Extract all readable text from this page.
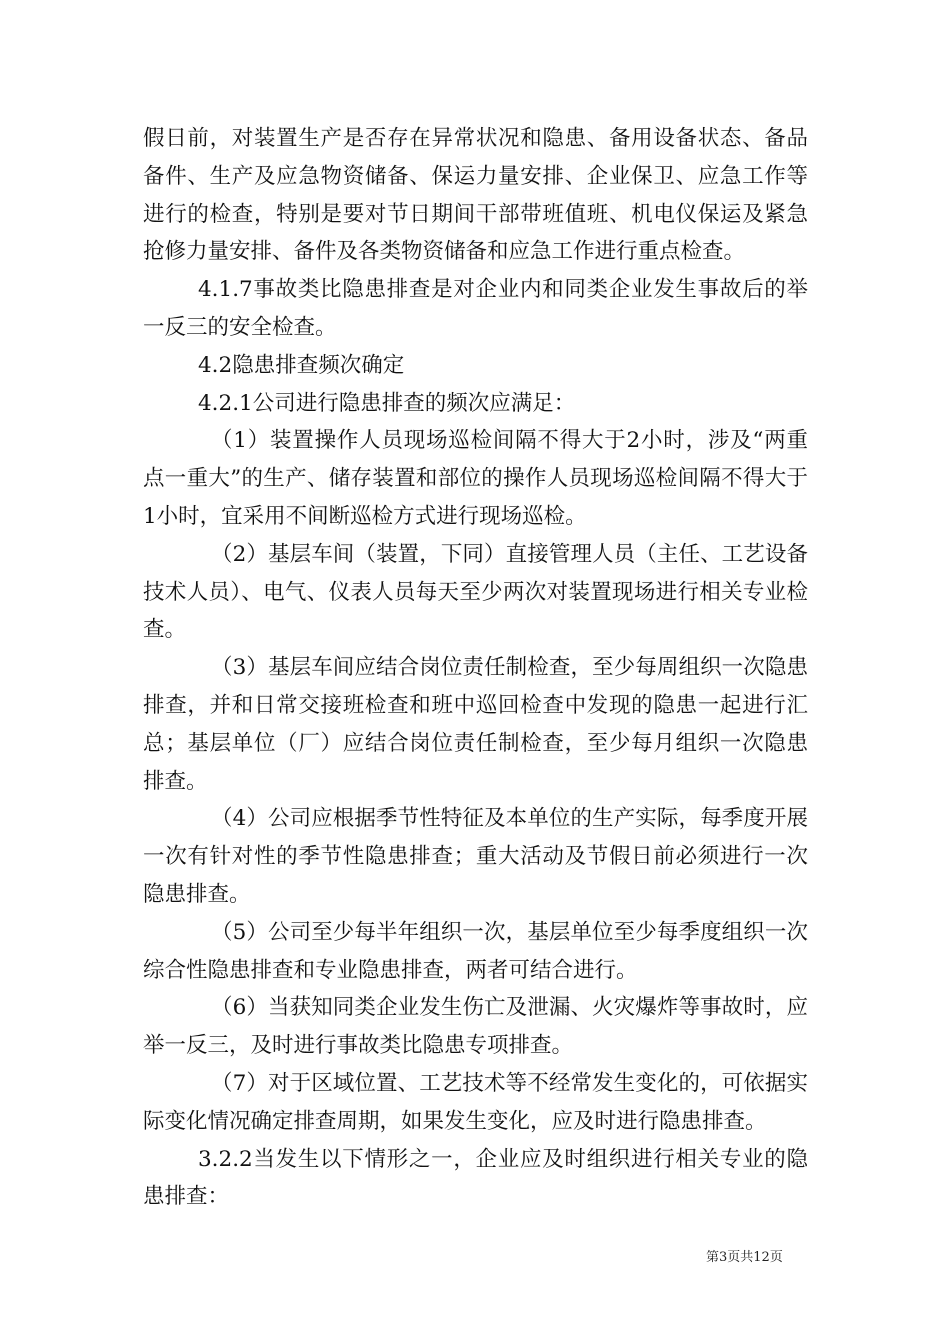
假日前，对装置生产是否存在异常状况和隐患、备用设备状态、备品备件、生产及应急物资储备、保运力量安排、企业保卫、应急工作等进行的检查，特别是要对节日期间干部带班值班、机电仪保运及紧急抢修力量安排、备件及各类物资储备和应急工作进行重点检查。

4.1.7事故类比隐患排查是对企业内和同类企业发生事故后的举一反三的安全检查。

4.2隐患排查频次确定

4.2.1公司进行隐患排查的频次应满足：

（1）装置操作人员现场巡检间隔不得大于2小时，涉及“两重点一重大”的生产、储存装置和部位的操作人员现场巡检间隔不得大于1小时，宜采用不间断巡检方式进行现场巡检。

（2）基层车间（装置，下同）直接管理人员（主任、工艺设备技术人员）、电气、仪表人员每天至少两次对装置现场进行相关专业检查。

（3）基层车间应结合岗位责任制检查，至少每周组织一次隐患排查，并和日常交接班检查和班中巡回检查中发现的隐患一起进行汇总；基层单位（厂）应结合岗位责任制检查，至少每月组织一次隐患排查。

（4）公司应根据季节性特征及本单位的生产实际，每季度开展一次有针对性的季节性隐患排查；重大活动及节假日前必须进行一次隐患排查。

（5）公司至少每半年组织一次，基层单位至少每季度组织一次综合性隐患排查和专业隐患排查，两者可结合进行。

（6）当获知同类企业发生伤亡及泄漏、火灾爆炸等事故时，应举一反三，及时进行事故类比隐患专项排查。

（7）对于区域位置、工艺技术等不经常发生变化的，可依据实际变化情况确定排查周期，如果发生变化，应及时进行隐患排查。

3.2.2当发生以下情形之一，企业应及时组织进行相关专业的隐患排查：

第3页共12页
